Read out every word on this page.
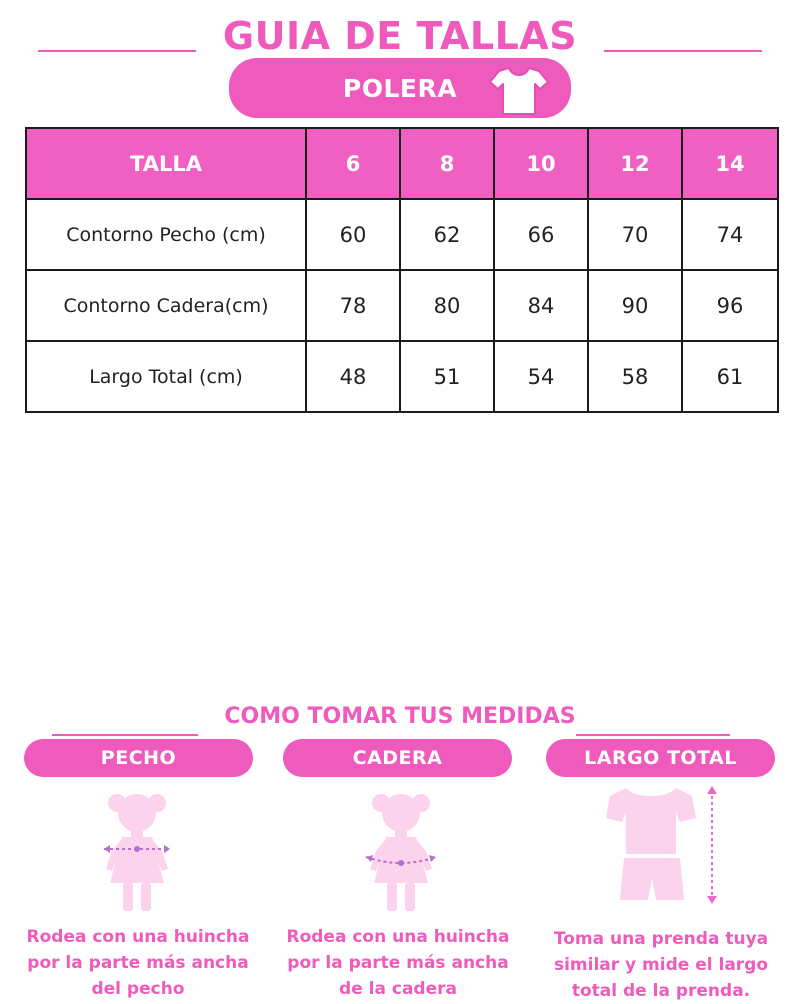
GUIA DE TALLAS
POLERA
TALLA	6	8	10	12	14
Contorno Pecho (cm)	60	62	66	70	74
Contorno Cadera(cm)	78	80	84	90	96
Largo Total (cm)	48	51	54	58	61
COMO TOMAR TUS MEDIDAS
PECHO	CADERA	LARGO TOTAL
Rodea con una huincha
por la parte más ancha
del pecho
Rodea con una huincha
por la parte más ancha
de la cadera
Toma una prenda tuya
similar y mide el largo
total de la prenda.
